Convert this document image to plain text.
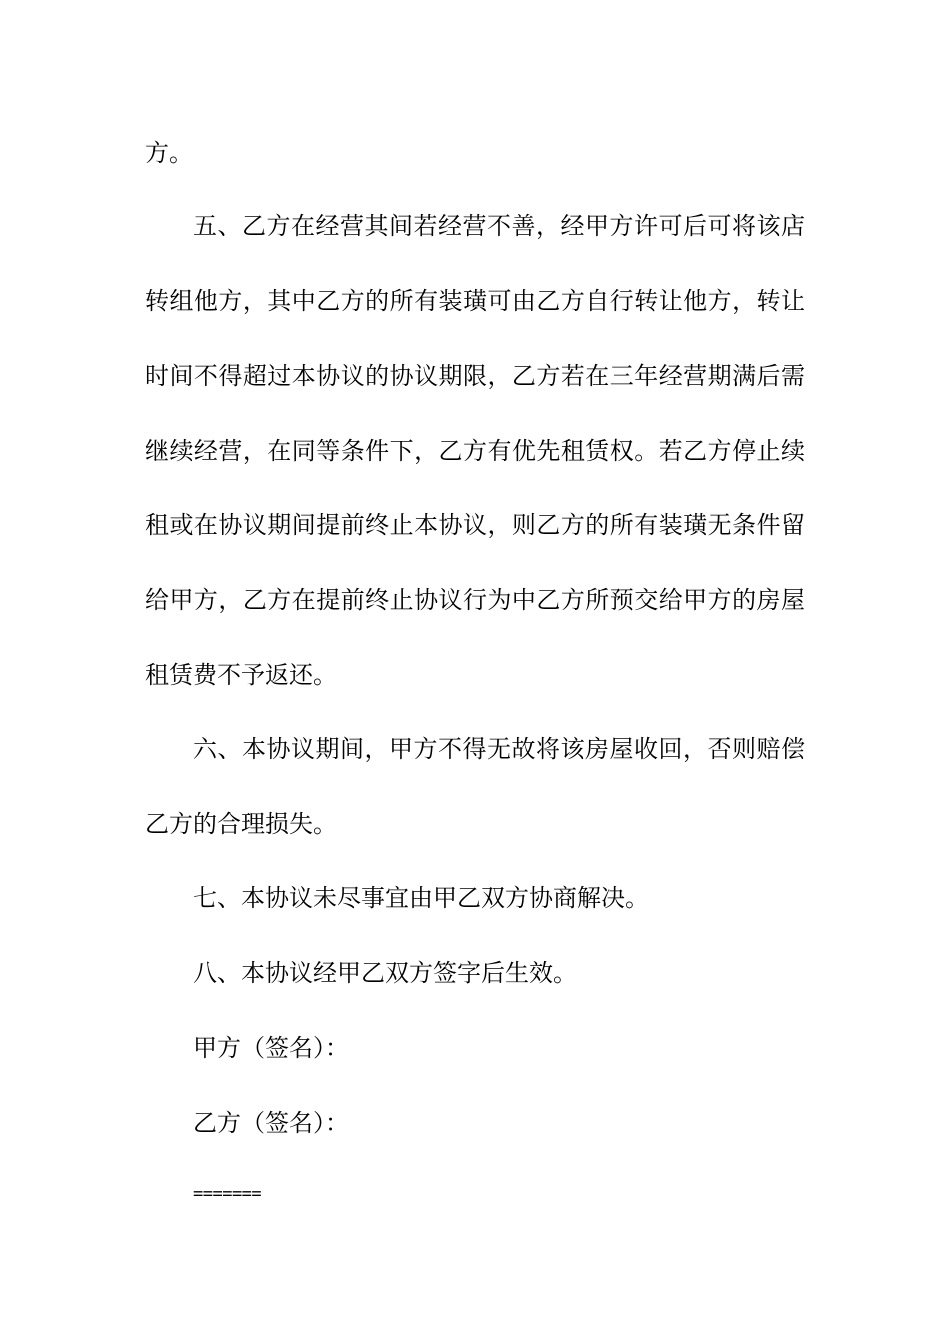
方。
五、乙方在经营其间若经营不善，经甲方许可后可将该店
转组他方，其中乙方的所有装璜可由乙方自行转让他方，转让
时间不得超过本协议的协议期限，乙方若在三年经营期满后需
继续经营，在同等条件下，乙方有优先租赁权。若乙方停止续
租或在协议期间提前终止本协议，则乙方的所有装璜无条件留
给甲方，乙方在提前终止协议行为中乙方所预交给甲方的房屋
租赁费不予返还。
六、本协议期间，甲方不得无故将该房屋收回，否则赔偿
乙方的合理损失。
七、本协议未尽事宜由甲乙双方协商解决。
八、本协议经甲乙双方签字后生效。
甲方（签名）：
乙方（签名）：
=======
